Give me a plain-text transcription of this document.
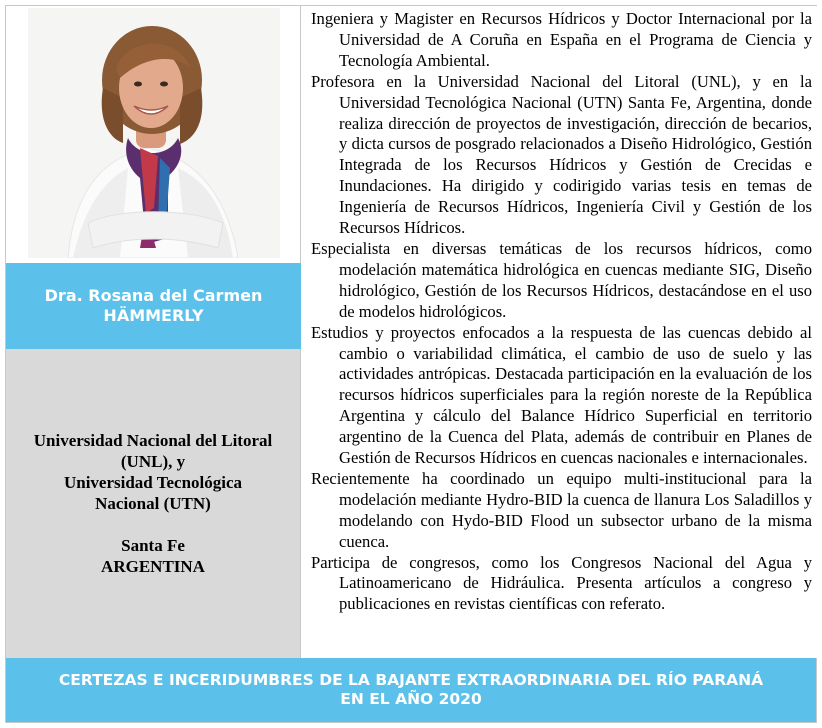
Dra. Rosana del Carmen
HÄMMERLY
Universidad Nacional del Litoral
(UNL), y
Universidad Tecnológica
Nacional (UTN)
Santa Fe
ARGENTINA

Ingeniera y Magister en Recursos Hídricos y Doctor Internacional por la Universidad de A Coruña en España en el Programa de Ciencia y Tecnología Ambiental.

Profesora en la Universidad Nacional del Litoral (UNL), y en la Universidad Tecnológica Nacional (UTN) Santa Fe, Argentina, donde realiza dirección de proyectos de investigación, dirección de becarios, y dicta cursos de posgrado relacionados a Diseño Hidrológico, Gestión Integrada de los Recursos Hídricos y Gestión de Crecidas e Inundaciones. Ha dirigido y codirigido varias tesis en temas de Ingeniería de Recursos Hídricos, Ingeniería Civil y Gestión de los Recursos Hídricos.

Especialista en diversas temáticas de los recursos hídricos, como modelación matemática hidrológica en cuencas mediante SIG, Diseño hidrológico, Gestión de los Recursos Hídricos, destacándose en el uso de modelos hidrológicos.

Estudios y proyectos enfocados a la respuesta de las cuencas debido al cambio o variabilidad climática, el cambio de uso de suelo y las actividades antrópicas. Destacada participación en la evaluación de los recursos hídricos superficiales para la región noreste de la República Argentina y cálculo del Balance Hídrico Superficial en territorio argentino de la Cuenca del Plata, además de contribuir en Planes de Gestión de Recursos Hídricos en cuencas nacionales e internacionales.

Recientemente ha coordinado un equipo multi-institucional para la modelación mediante Hydro-BID la cuenca de llanura Los Saladillos y modelando con Hydo-BID Flood un subsector urbano de la misma cuenca.

Participa de congresos, como los Congresos Nacional del Agua y Latinoamericano de Hidráulica. Presenta artículos a congreso y publicaciones en revistas científicas con referato.

CERTEZAS E INCERIDUMBRES DE LA BAJANTE EXTRAORDINARIA DEL RÍO PARANÁ
EN EL AÑO 2020
